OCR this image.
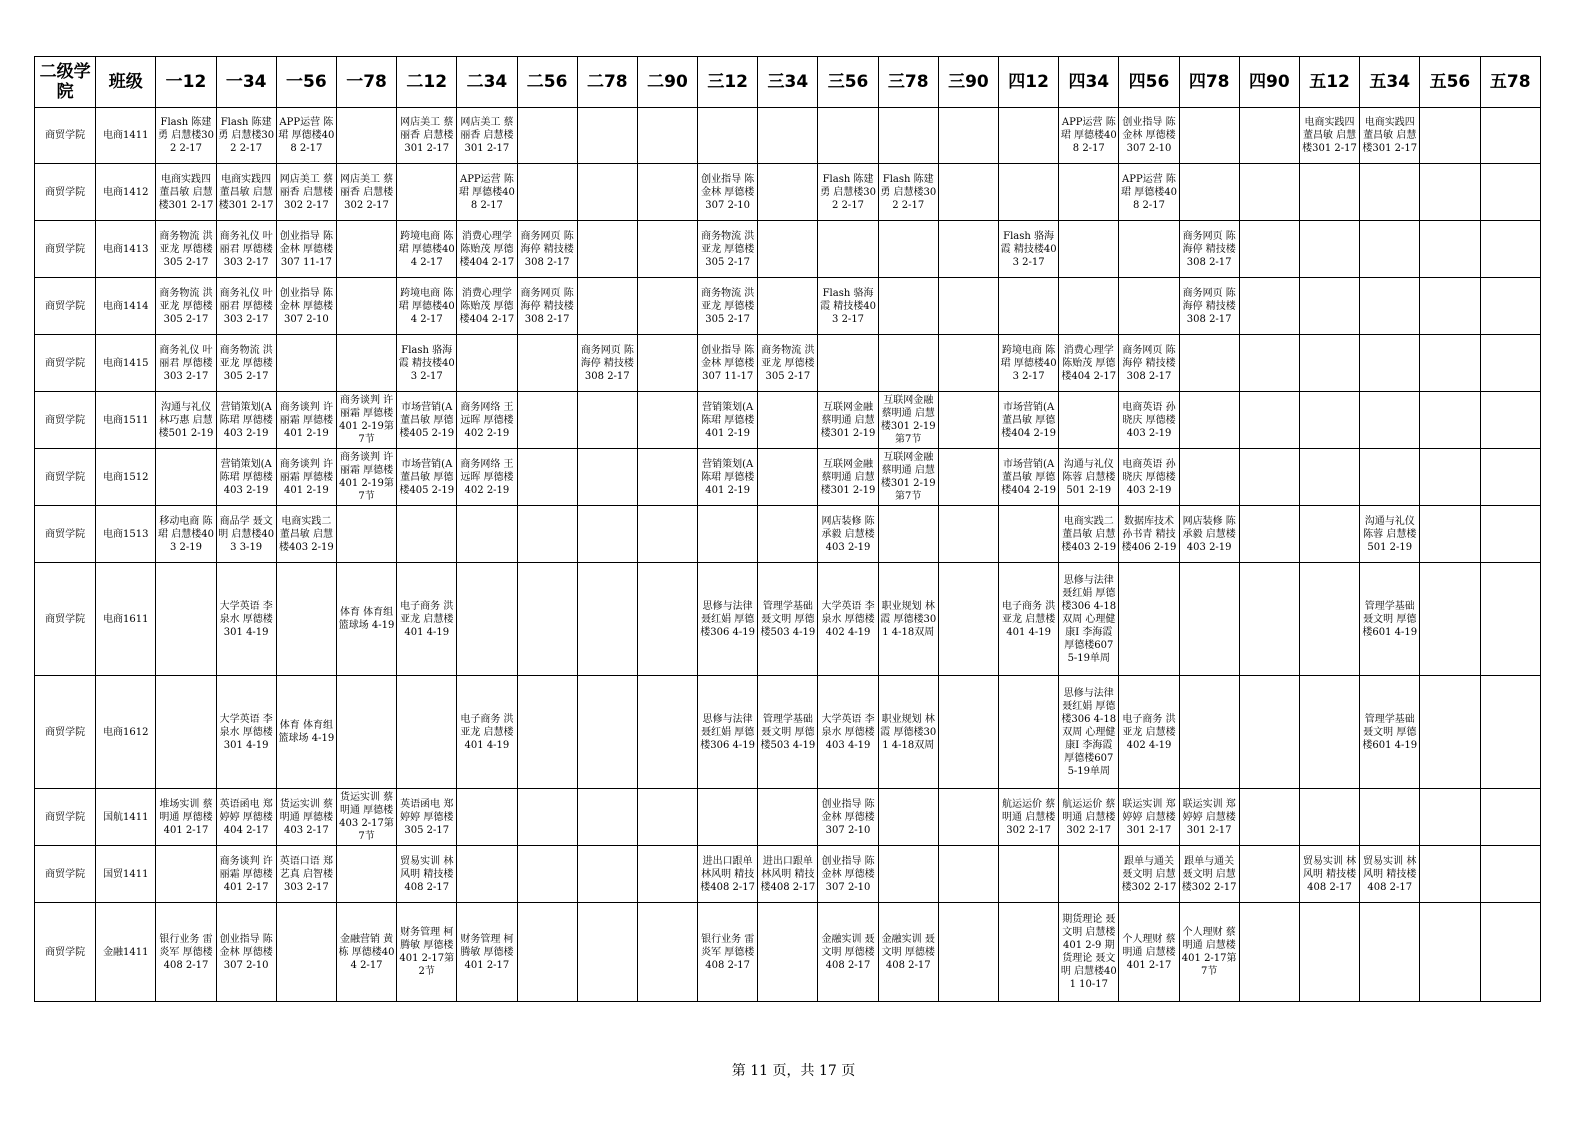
二级学院	班级	一12	一34	一56	一78	二12	二34	二56	二78	二90	三12	三34	三56	三78	三90	四12	四34	四56	四78	四90	五12	五34	五56	五78
商贸学院	电商1411	Flash 陈建勇 启慧楼302 2-17	Flash 陈建勇 启慧楼302 2-17	APP运营 陈珺 厚德楼408 2-17		网店美工 蔡丽香 启慧楼301 2-17	网店美工 蔡丽香 启慧楼301 2-17										APP运营 陈珺 厚德楼408 2-17	创业指导 陈金林 厚德楼307 2-10			电商实践四 董昌敏 启慧楼301 2-17	电商实践四 董昌敏 启慧楼301 2-17		
商贸学院	电商1412	电商实践四 董昌敏 启慧楼301 2-17	电商实践四 董昌敏 启慧楼301 2-17	网店美工 蔡丽香 启慧楼302 2-17	网店美工 蔡丽香 启慧楼302 2-17		APP运营 陈珺 厚德楼408 2-17				创业指导 陈金林 厚德楼307 2-10		Flash 陈建勇 启慧楼302 2-17	Flash 陈建勇 启慧楼302 2-17				APP运营 陈珺 厚德楼408 2-17						
商贸学院	电商1413	商务物流 洪亚龙 厚德楼305 2-17	商务礼仪 叶丽君 厚德楼303 2-17	创业指导 陈金林 厚德楼307 11-17		跨境电商 陈珺 厚德楼404 2-17	消费心理学 陈贻茂 厚德楼404 2-17	商务网页 陈海停 精技楼308 2-17			商务物流 洪亚龙 厚德楼305 2-17					Flash 骆海霞 精技楼403 2-17			商务网页 陈海停 精技楼308 2-17					
商贸学院	电商1414	商务物流 洪亚龙 厚德楼305 2-17	商务礼仪 叶丽君 厚德楼303 2-17	创业指导 陈金林 厚德楼307 2-10		跨境电商 陈珺 厚德楼404 2-17	消费心理学 陈贻茂 厚德楼404 2-17	商务网页 陈海停 精技楼308 2-17			商务物流 洪亚龙 厚德楼305 2-17		Flash 骆海霞 精技楼403 2-17						商务网页 陈海停 精技楼308 2-17					
商贸学院	电商1415	商务礼仪 叶丽君 厚德楼303 2-17	商务物流 洪亚龙 厚德楼305 2-17			Flash 骆海霞 精技楼403 2-17			商务网页 陈海停 精技楼308 2-17		创业指导 陈金林 厚德楼307 11-17	商务物流 洪亚龙 厚德楼305 2-17				跨境电商 陈珺 厚德楼403 2-17	消费心理学 陈贻茂 厚德楼404 2-17	商务网页 陈海停 精技楼308 2-17						
商贸学院	电商1511	沟通与礼仪 林巧惠 启慧楼501 2-19	营销策划(A 陈珺 厚德楼403 2-19	商务谈判 许丽霜 厚德楼401 2-19	商务谈判 许丽霜 厚德楼401 2-19第7节	市场营销(A 董昌敏 厚德楼405 2-19	商务网络 王远晖 厚德楼402 2-19				营销策划(A 陈珺 厚德楼401 2-19		互联网金融 蔡明通 启慧楼301 2-19	互联网金融 蔡明通 启慧楼301 2-19第7节		市场营销(A 董昌敏 厚德楼404 2-19		电商英语 孙晓庆 厚德楼403 2-19						
商贸学院	电商1512		营销策划(A 陈珺 厚德楼403 2-19	商务谈判 许丽霜 厚德楼401 2-19	商务谈判 许丽霜 厚德楼401 2-19第7节	市场营销(A 董昌敏 厚德楼405 2-19	商务网络 王远晖 厚德楼402 2-19				营销策划(A 陈珺 厚德楼401 2-19		互联网金融 蔡明通 启慧楼301 2-19	互联网金融 蔡明通 启慧楼301 2-19第7节		市场营销(A 董昌敏 厚德楼404 2-19	沟通与礼仪 陈蓉 启慧楼501 2-19	电商英语 孙晓庆 厚德楼403 2-19						
商贸学院	电商1513	移动电商 陈珺 启慧楼403 2-19	商品学 聂文明 启慧楼403 3-19	电商实践二 董昌敏 启慧楼403 2-19									网店装修 陈承毅 启慧楼403 2-19				电商实践二 董昌敏 启慧楼403 2-19	数据库技术 孙书青 精技楼406 2-19	网店装修 陈承毅 启慧楼403 2-19			沟通与礼仪 陈蓉 启慧楼501 2-19		
商贸学院	电商1611		大学英语 李泉水 厚德楼301 4-19		体育 体育组 篮球场 4-19	电子商务 洪亚龙 启慧楼401 4-19					思修与法律 聂红娟 厚德楼306 4-19	管理学基础 聂文明 厚德楼503 4-19	大学英语 李泉水 厚德楼402 4-19	职业规划 林霞 厚德楼301 4-18双周		电子商务 洪亚龙 启慧楼401 4-19	思修与法律 聂红娟 厚德楼306 4-18双周 心理健康Ⅰ 李海霞 厚德楼607 5-19单周					管理学基础 聂文明 厚德楼601 4-19		
商贸学院	电商1612		大学英语 李泉水 厚德楼301 4-19	体育 体育组 篮球场 4-19			电子商务 洪亚龙 启慧楼401 4-19				思修与法律 聂红娟 厚德楼306 4-19	管理学基础 聂文明 厚德楼503 4-19	大学英语 李泉水 厚德楼403 4-19	职业规划 林霞 厚德楼301 4-18双周			思修与法律 聂红娟 厚德楼306 4-18双周 心理健康Ⅰ 李海霞 厚德楼607 5-19单周	电子商务 洪亚龙 启慧楼402 4-19				管理学基础 聂文明 厚德楼601 4-19		
商贸学院	国航1411	堆场实训 蔡明通 厚德楼401 2-17	英语函电 郑婷婷 厚德楼404 2-17	货运实训 蔡明通 厚德楼403 2-17	货运实训 蔡明通 厚德楼403 2-17第7节	英语函电 郑婷婷 厚德楼305 2-17							创业指导 陈金林 厚德楼307 2-10			航运运价 蔡明通 启慧楼302 2-17	航运运价 蔡明通 启慧楼302 2-17	联运实训 郑婷婷 启慧楼301 2-17	联运实训 郑婷婷 启慧楼301 2-17					
商贸学院	国贸1411		商务谈判 许丽霜 厚德楼401 2-17	英语口语 郑艺真 启智楼303 2-17		贸易实训 林风明 精技楼408 2-17					进出口跟单 林风明 精技楼408 2-17	进出口跟单 林风明 精技楼408 2-17	创业指导 陈金林 厚德楼307 2-10					跟单与通关 聂文明 启慧楼302 2-17	跟单与通关 聂文明 启慧楼302 2-17		贸易实训 林风明 精技楼408 2-17	贸易实训 林风明 精技楼408 2-17		
商贸学院	金融1411	银行业务 雷炎军 厚德楼408 2-17	创业指导 陈金林 厚德楼307 2-10		金融营销 黄栋 厚德楼404 2-17	财务管理 柯腾敏 厚德楼401 2-17第2节	财务管理 柯腾敏 厚德楼401 2-17				银行业务 雷炎军 厚德楼408 2-17		金融实训 聂文明 厚德楼408 2-17	金融实训 聂文明 厚德楼408 2-17			期货理论 聂文明 启慧楼401 2-9 期货理论 聂文明 启慧楼401 10-17	个人理财 蔡明通 启慧楼401 2-17	个人理财 蔡明通 启慧楼401 2-17第7节					
第 11 页，共 17 页
